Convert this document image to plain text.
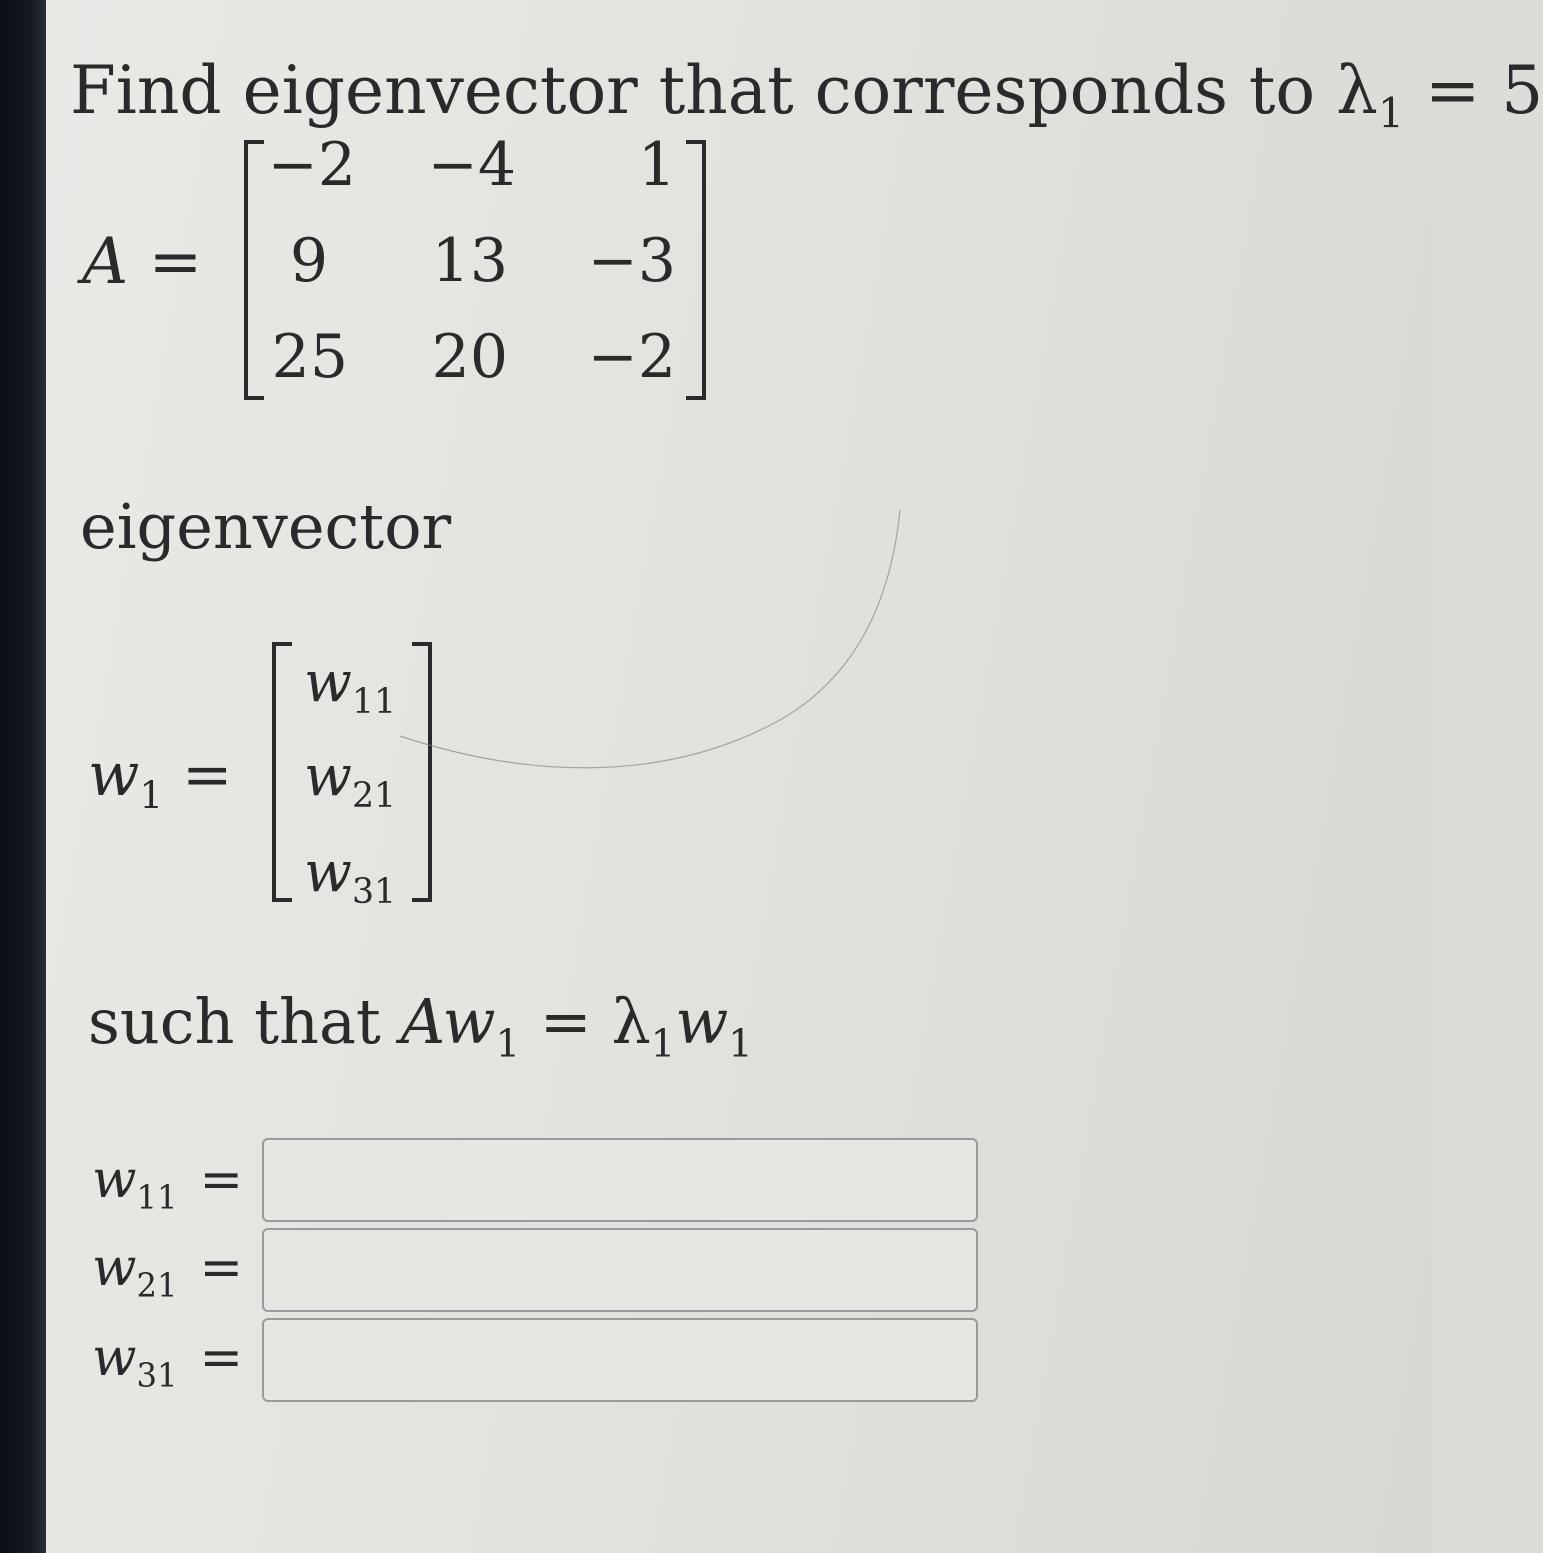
Find eigenvector that corresponds to $\lambda_1 = 5$
A =
−2	−4	1
9	13	−3
25	20	−2
eigenvector
$w_1$ =
$w_{11}$
$w_{21}$
$w_{31}$
such that $Aw_1 = \lambda_1w_1$
$w_{11}$ =
$w_{21}$ =
$w_{31}$ =
